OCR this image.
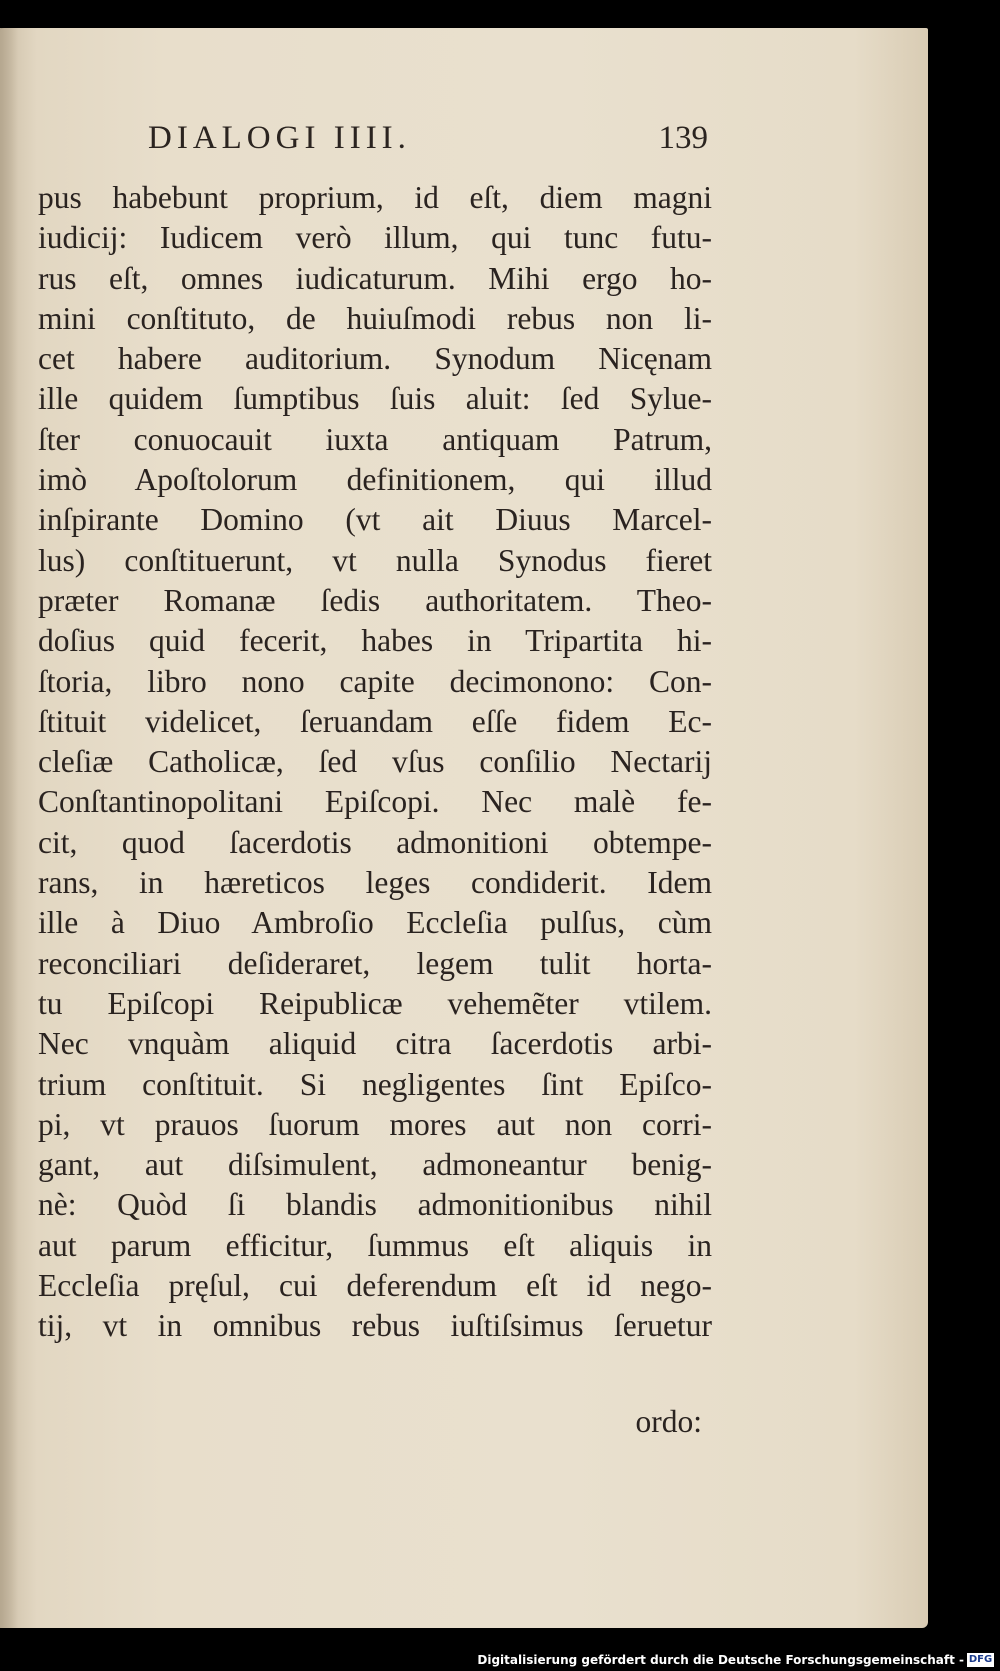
DIALOGI IIII.	139
pus habebunt proprium, id eſt, diem magni
iudicij: Iudicem verò illum, qui tunc futu-
rus eſt, omnes iudicaturum. Mihi ergo ho-
mini conſtituto, de huiuſmodi rebus non li-
cet habere auditorium. Synodum Nicęnam
ille quidem ſumptibus ſuis aluit: ſed Sylue-
ſter conuocauit iuxta antiquam Patrum,
imò Apoſtolorum definitionem, qui illud
inſpirante Domino (vt ait Diuus Marcel-
lus) conſtituerunt, vt nulla Synodus fieret
præter Romanæ ſedis authoritatem. Theo-
doſius quid fecerit, habes in Tripartita hi-
ſtoria, libro nono capite decimonono: Con-
ſtituit videlicet, ſeruandam eſſe fidem Ec-
cleſiæ Catholicæ, ſed vſus conſilio Nectarij
Conſtantinopolitani Epiſcopi. Nec malè fe-
cit, quod ſacerdotis admonitioni obtempe-
rans, in hæreticos leges condiderit. Idem
ille à Diuo Ambroſio Eccleſia pulſus, cùm
reconciliari deſideraret, legem tulit horta-
tu Epiſcopi Reipublicæ vehemẽter vtilem.
Nec vnquàm aliquid citra ſacerdotis arbi-
trium conſtituit. Si negligentes ſint Epiſco-
pi, vt prauos ſuorum mores aut non corri-
gant, aut diſsimulent, admoneantur benig-
nè: Quòd ſi blandis admonitionibus nihil
aut parum efficitur, ſummus eſt aliquis in
Eccleſia pręſul, cui deferendum eſt id nego-
tij, vt in omnibus rebus iuſtiſsimus ſeruetur
ordo:
Digitalisierung gefördert durch die Deutsche Forschungsgemeinschaft - DFG
